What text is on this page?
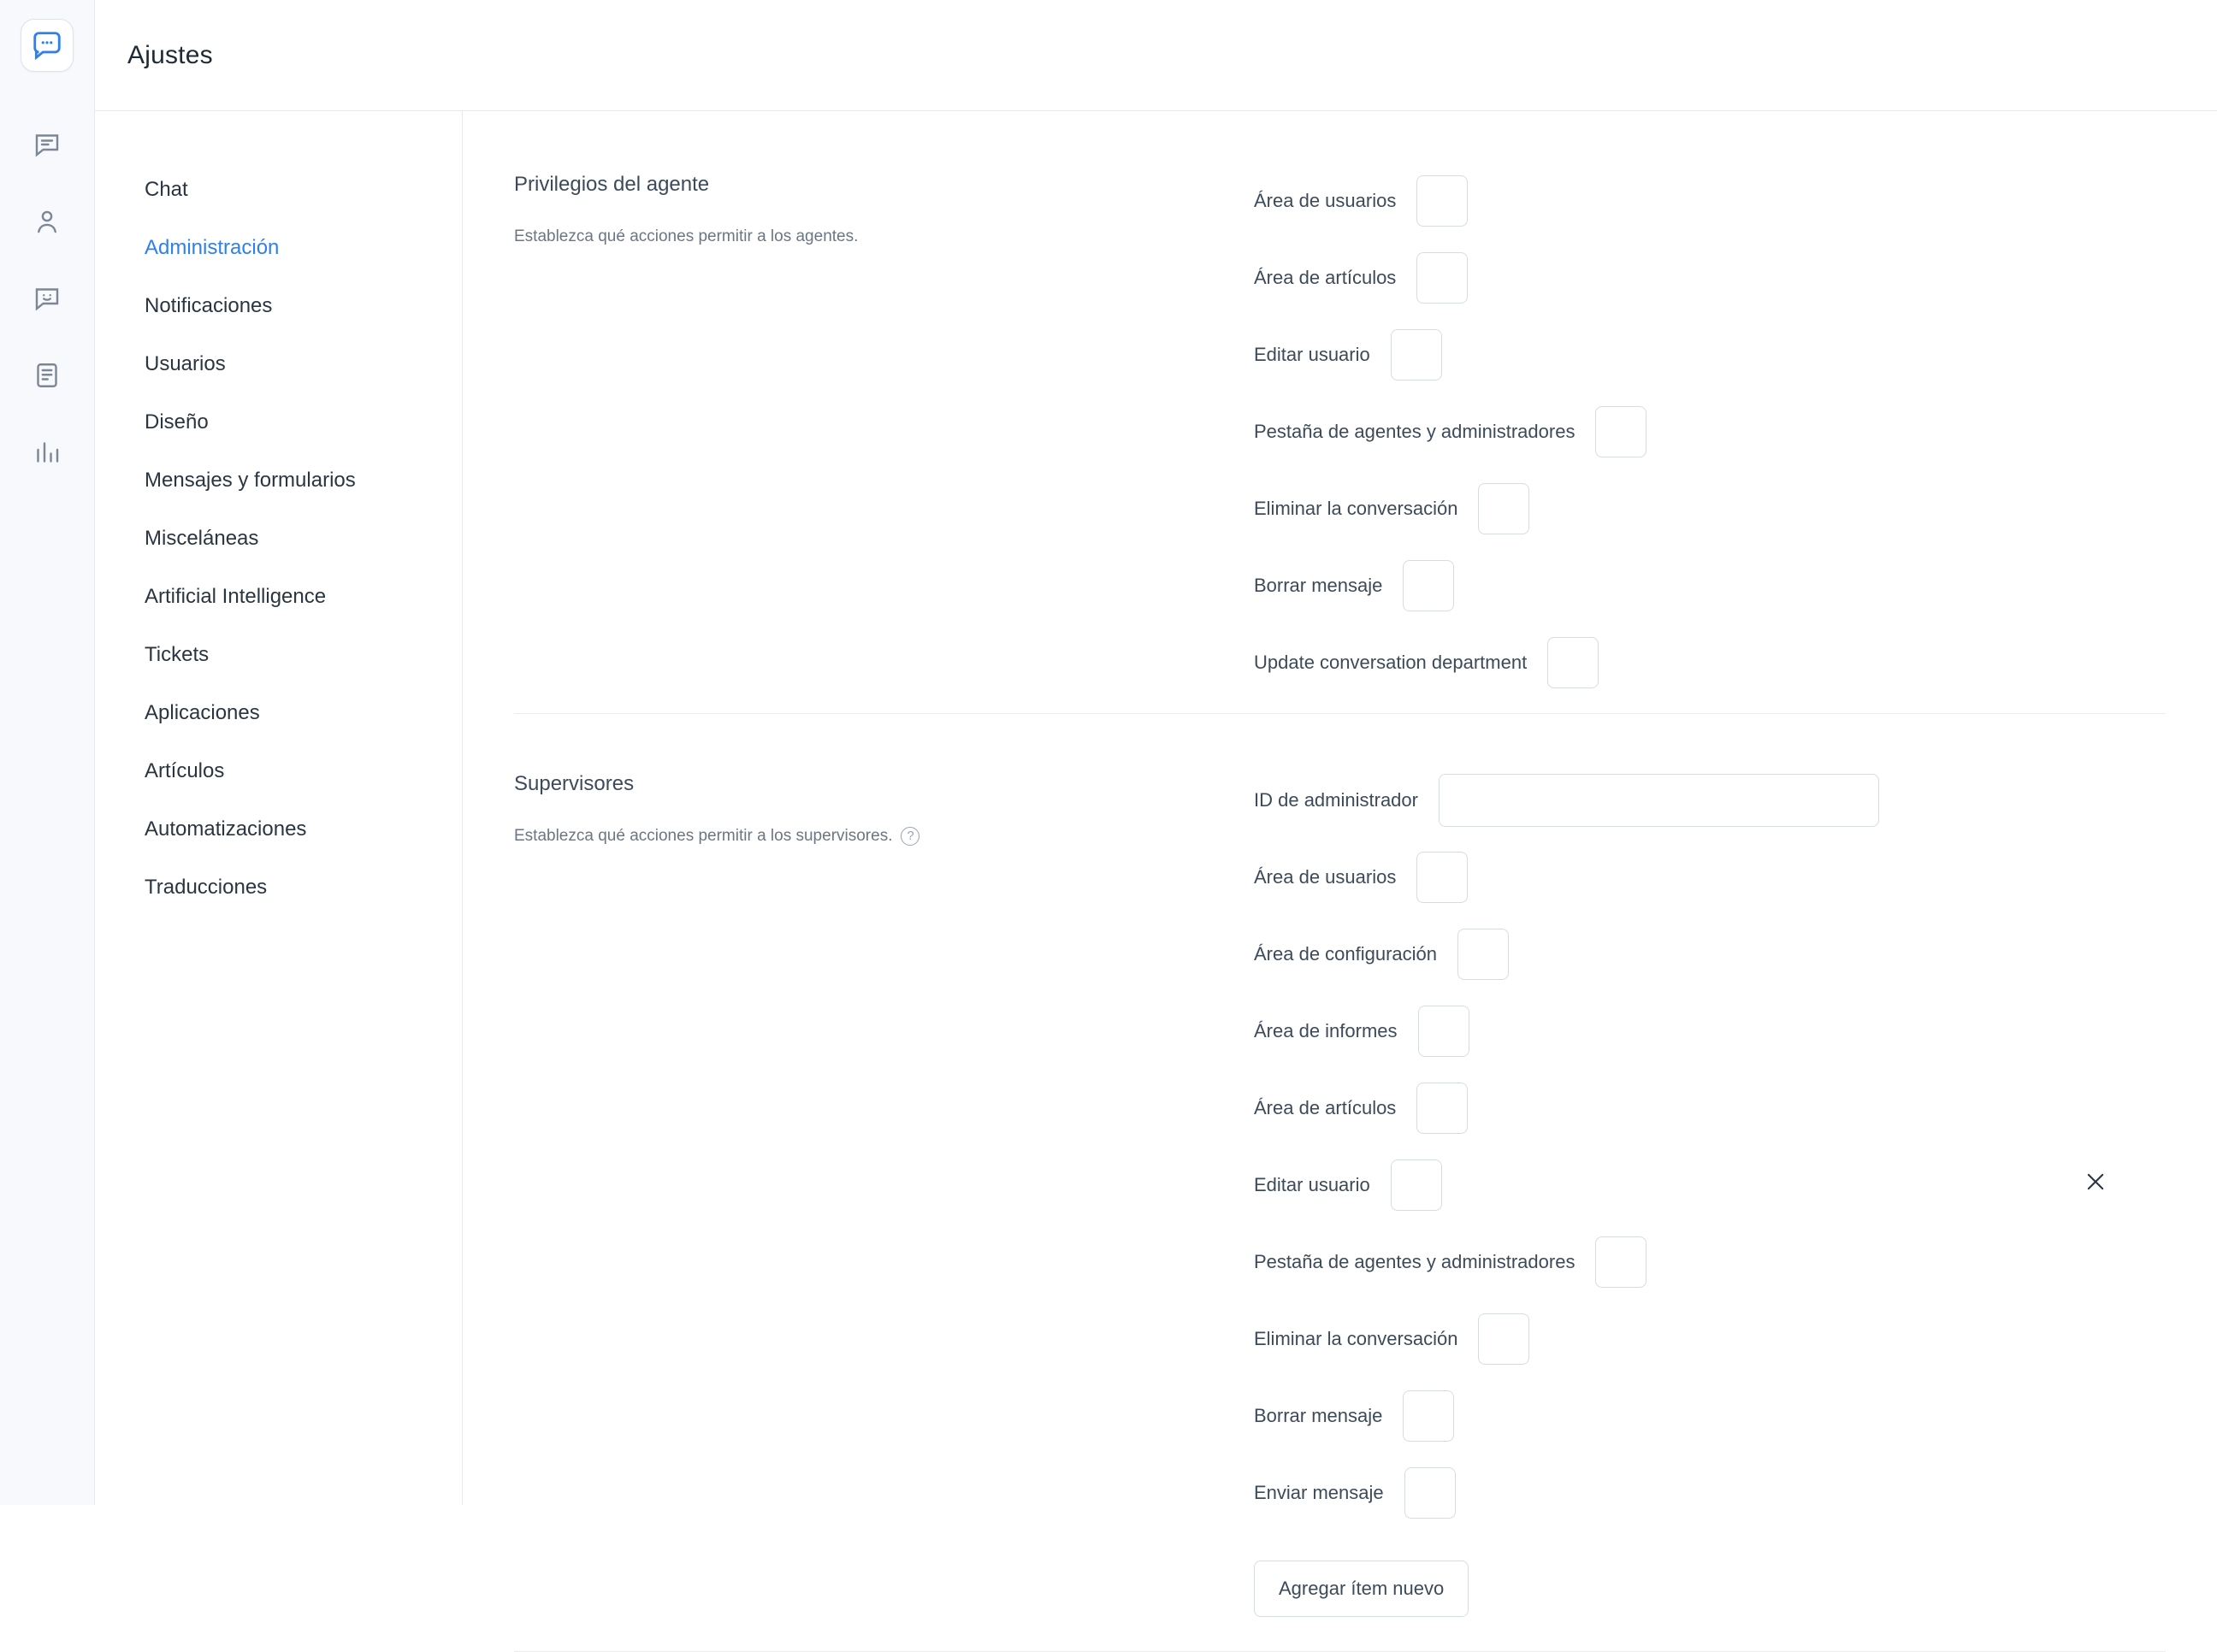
Ajustes
Chat
Administración
Notificaciones
Usuarios
Diseño
Mensajes y formularios
Misceláneas
Artificial Intelligence
Tickets
Aplicaciones
Artículos
Automatizaciones
Traducciones
Privilegios del agente

Establezca qué acciones permitir a los agentes.

Área de usuarios
Área de artículos
Editar usuario
Pestaña de agentes y administradores
Eliminar la conversación
Borrar mensaje
Update conversation department
Supervisores

Establezca qué acciones permitir a los supervisores.	?

ID de administrador
Área de usuarios
Área de configuración
Área de informes
Área de artículos
Editar usuario
Pestaña de agentes y administradores
Eliminar la conversación
Borrar mensaje
Enviar mensaje
Agregar ítem nuevo
